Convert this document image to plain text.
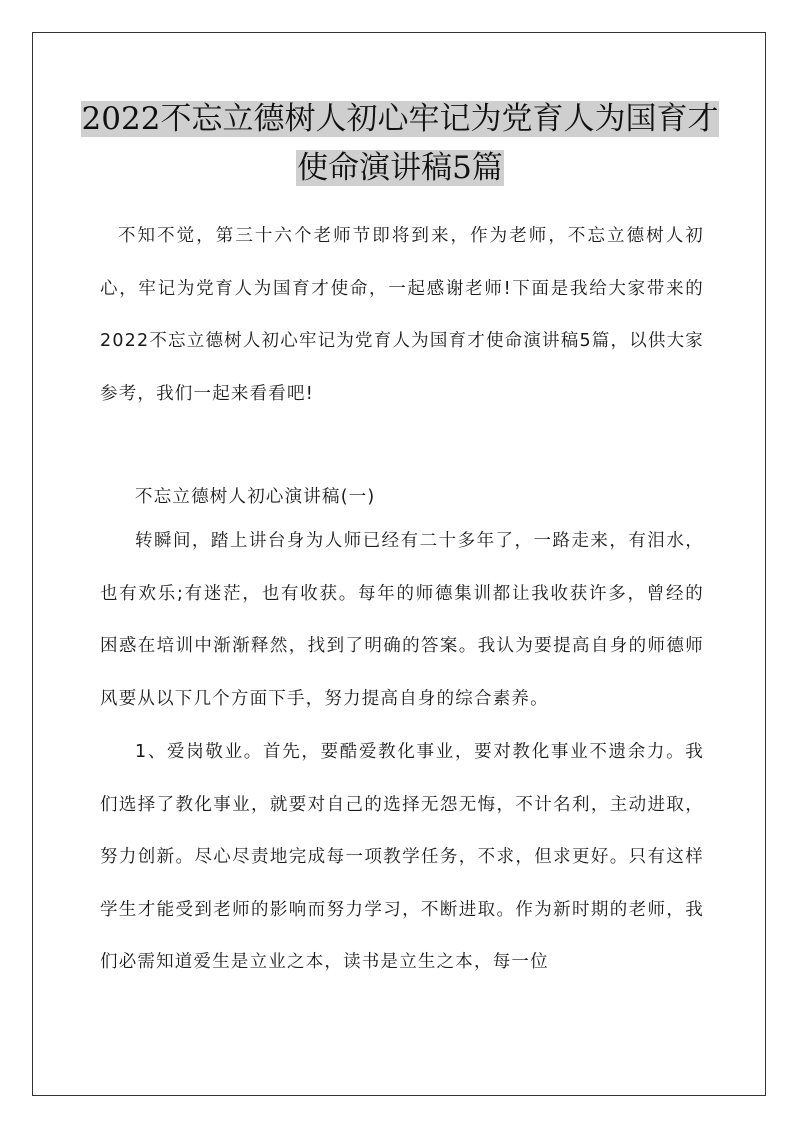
2022不忘立德树人初心牢记为党育人为国育才
使命演讲稿5篇

不知不觉，第三十六个老师节即将到来，作为老师，不忘立德树人初心，牢记为党育人为国育才使命，一起感谢老师!下面是我给大家带来的2022不忘立德树人初心牢记为党育人为国育才使命演讲稿5篇，以供大家参考，我们一起来看看吧!

不忘立德树人初心演讲稿(一)

转瞬间，踏上讲台身为人师已经有二十多年了，一路走来，有泪水，也有欢乐;有迷茫，也有收获。每年的师德集训都让我收获许多，曾经的困惑在培训中渐渐释然，找到了明确的答案。我认为要提高自身的师德师风要从以下几个方面下手，努力提高自身的综合素养。

1、爱岗敬业。首先，要酷爱教化事业，要对教化事业不遗余力。我们选择了教化事业，就要对自己的选择无怨无悔，不计名利，主动进取，努力创新。尽心尽责地完成每一项教学任务，不求，但求更好。只有这样学生才能受到老师的影响而努力学习，不断进取。作为新时期的老师，我们必需知道爱生是立业之本，读书是立生之本，每一位
